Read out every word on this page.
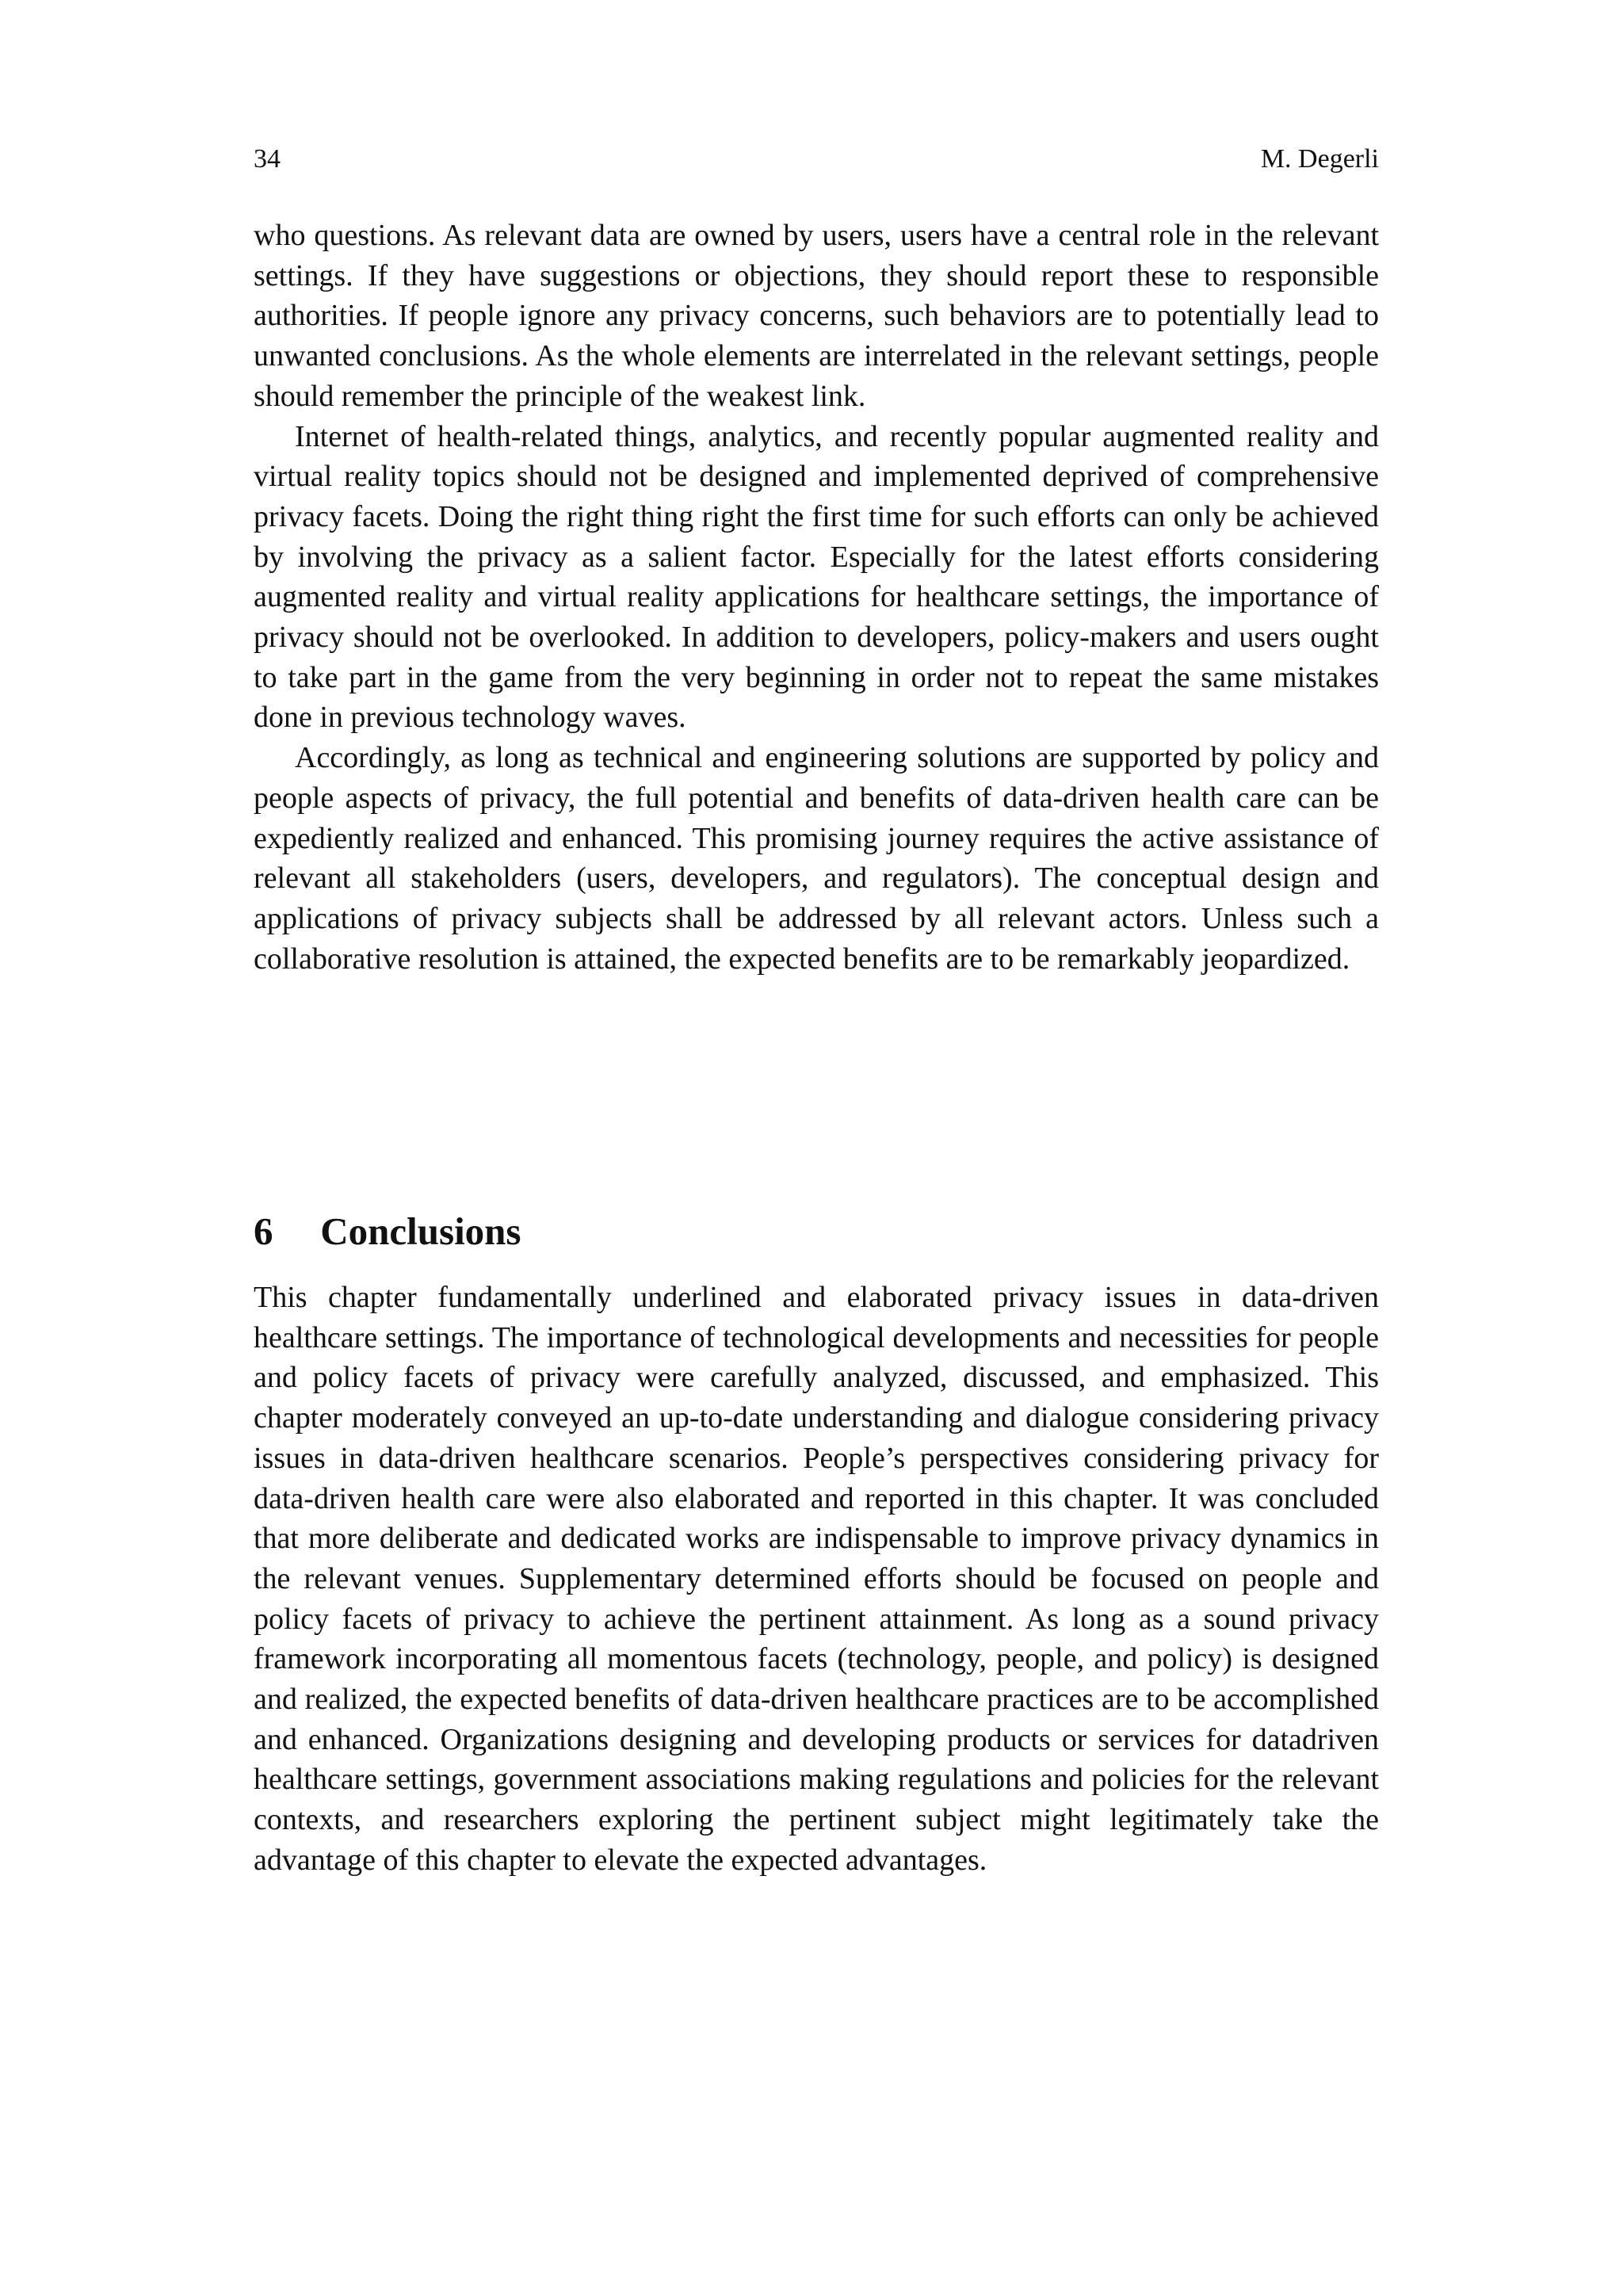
34	M. Degerli

who questions. As relevant data are owned by users, users have a central role in the relevant settings. If they have suggestions or objections, they should report these to responsible authorities. If people ignore any privacy concerns, such behaviors are to potentially lead to unwanted conclusions. As the whole elements are interrelated in the relevant settings, people should remember the principle of the weakest link.

Internet of health-related things, analytics, and recently popular augmented reality and virtual reality topics should not be designed and implemented deprived of comprehensive privacy facets. Doing the right thing right the first time for such efforts can only be achieved by involving the privacy as a salient factor. Especially for the latest efforts considering augmented reality and virtual reality applications for healthcare settings, the importance of privacy should not be overlooked. In addition to developers, policy-makers and users ought to take part in the game from the very beginning in order not to repeat the same mistakes done in previous technology waves.

Accordingly, as long as technical and engineering solutions are supported by policy and people aspects of privacy, the full potential and benefits of data-driven health care can be expediently realized and enhanced. This promising journey requires the active assistance of relevant all stakeholders (users, developers, and regulators). The conceptual design and applications of privacy subjects shall be addressed by all relevant actors. Unless such a collaborative resolution is attained, the expected benefits are to be remarkably jeopardized.

6 Conclusions

This chapter fundamentally underlined and elaborated privacy issues in data-driven healthcare settings. The importance of technological developments and necessities for people and policy facets of privacy were carefully analyzed, discussed, and emphasized. This chapter moderately conveyed an up-to-date understanding and dialogue considering privacy issues in data-driven healthcare scenarios. People’s perspectives considering privacy for data-driven health care were also elaborated and reported in this chapter. It was concluded that more deliberate and dedicated works are indispensable to improve privacy dynamics in the relevant venues. Supplementary determined efforts should be focused on people and policy facets of privacy to achieve the pertinent attainment. As long as a sound privacy framework incorporating all momentous facets (technology, people, and policy) is designed and realized, the expected benefits of data-driven healthcare practices are to be accomplished and enhanced. Organizations designing and developing products or services for datadriven healthcare settings, government associations making regulations and policies for the relevant contexts, and researchers exploring the pertinent subject might legitimately take the advantage of this chapter to elevate the expected advantages.
